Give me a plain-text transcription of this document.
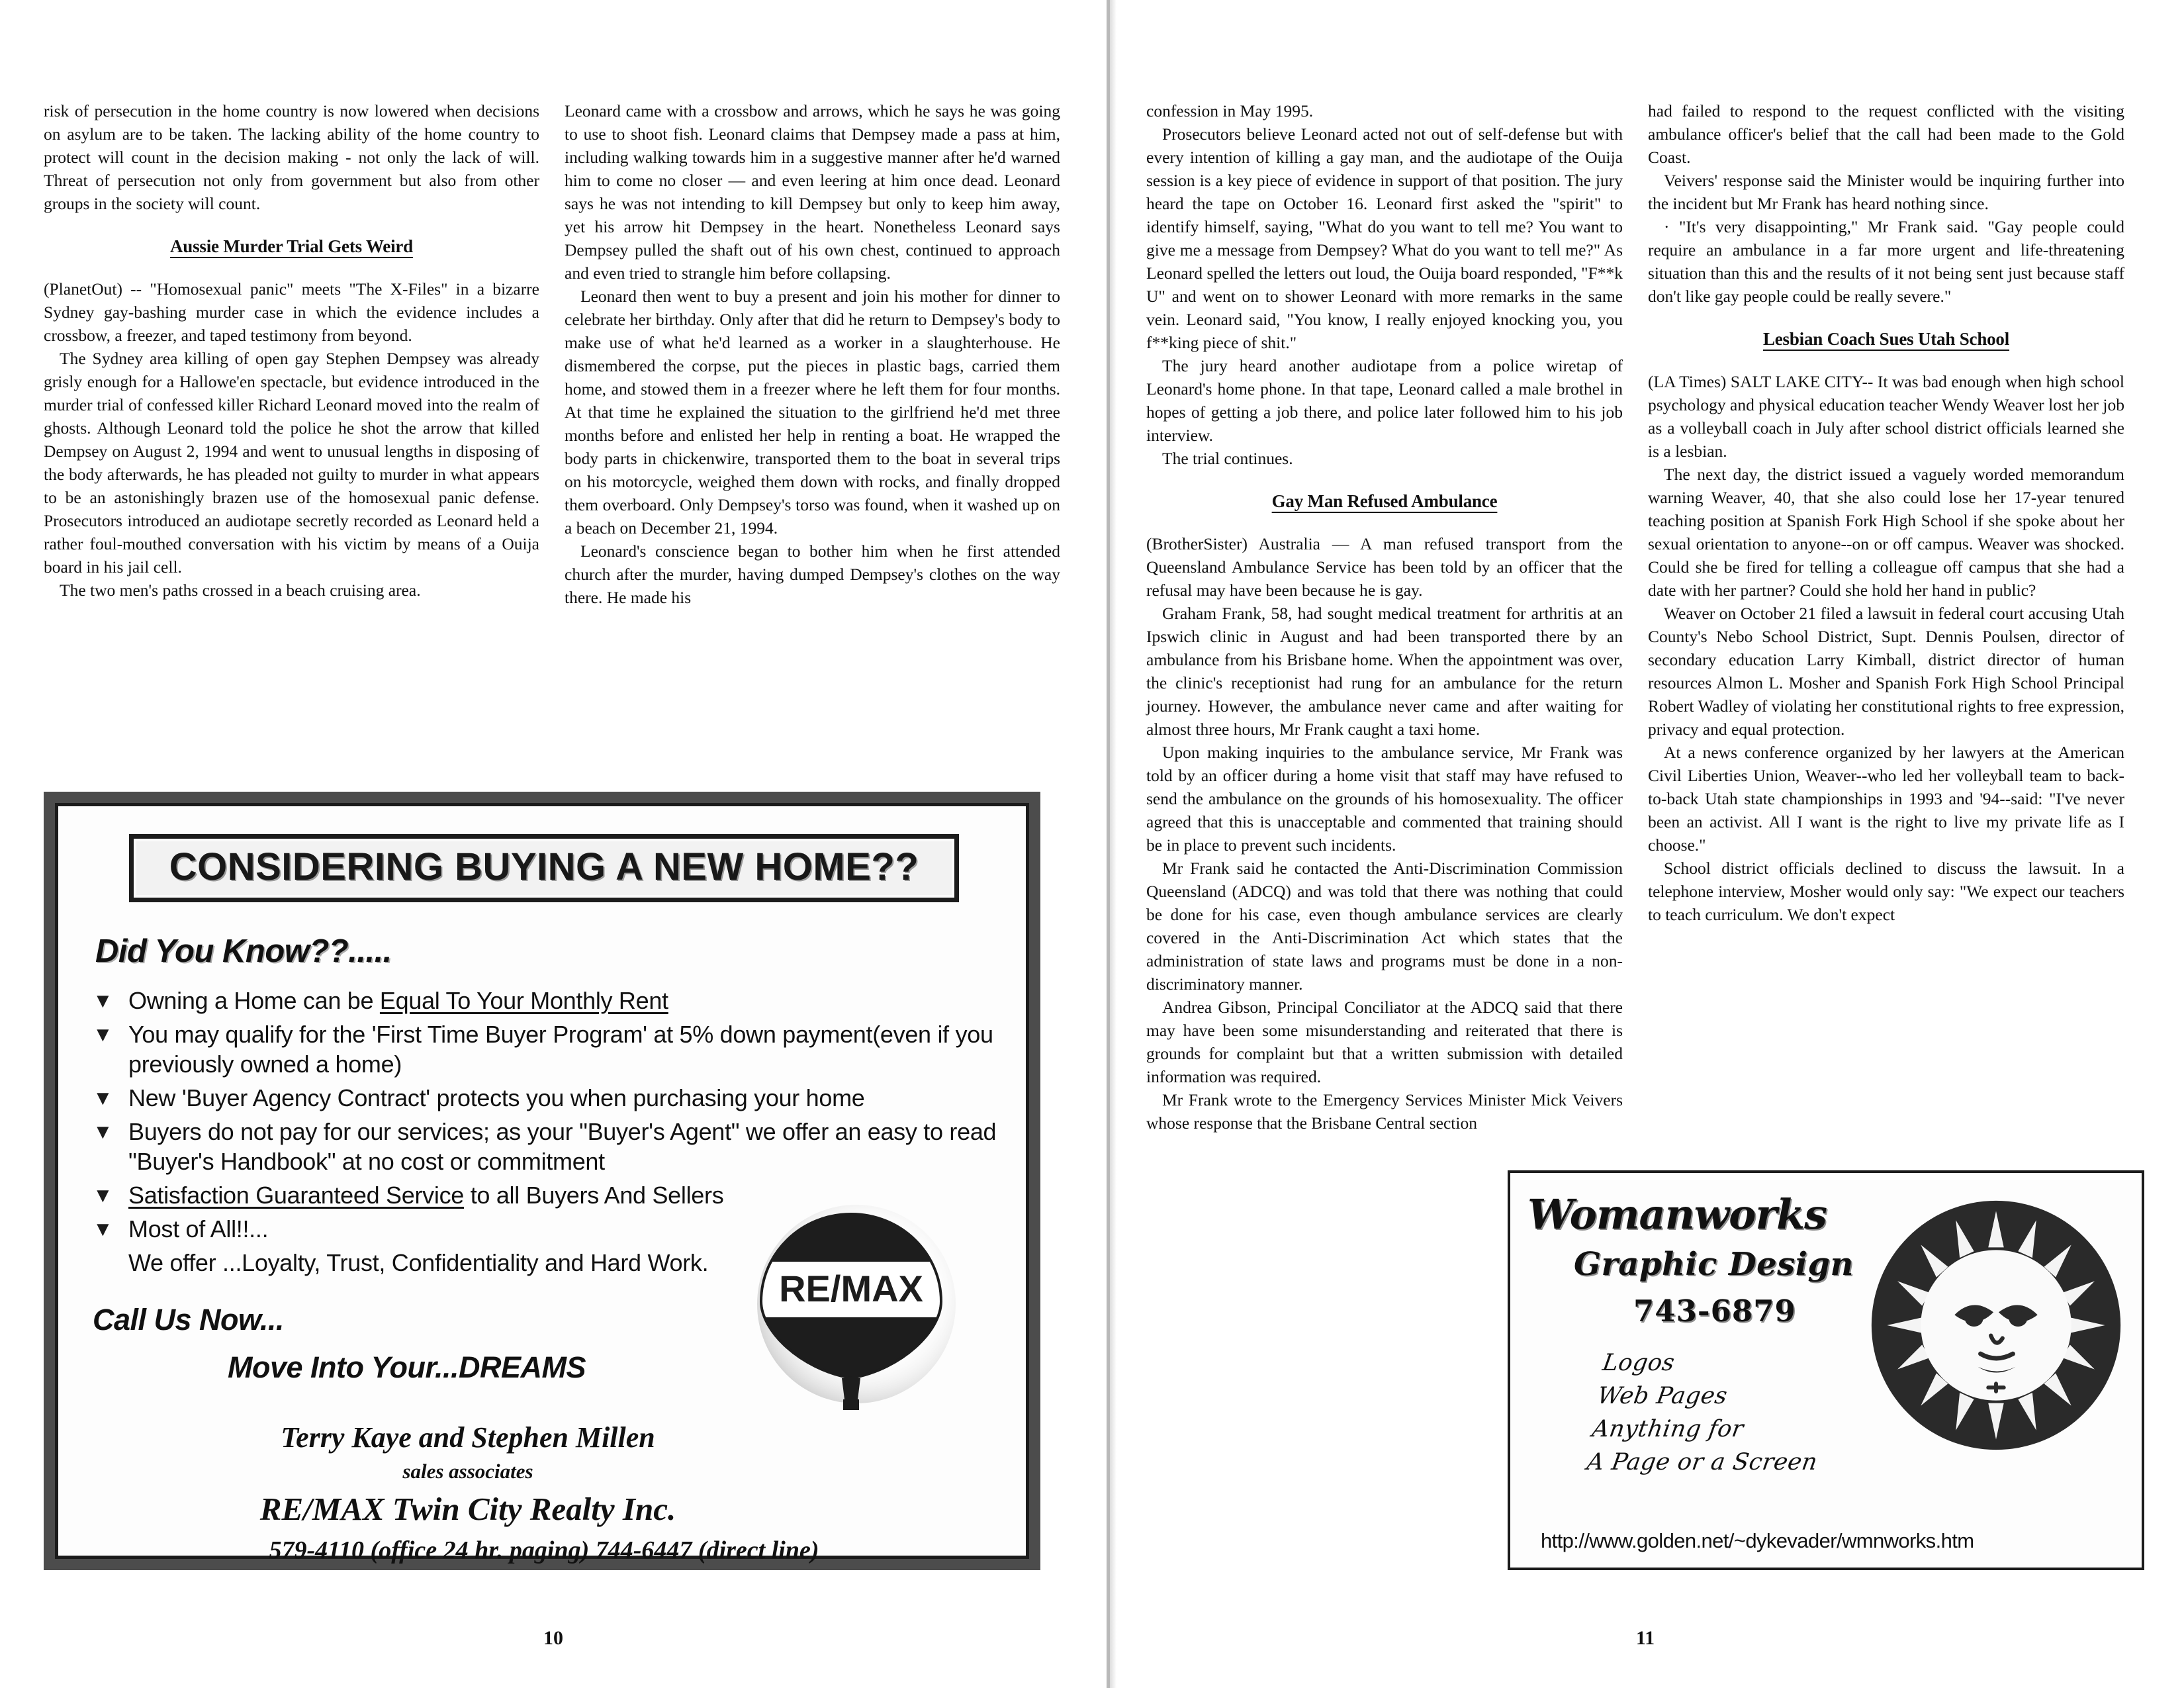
risk of persecution in the home country is now lowered when decisions on asylum are to be taken. The lacking ability of the home country to protect will count in the decision making - not only the lack of will. Threat of persecution not only from government but also from other groups in the society will count.

Aussie Murder Trial Gets Weird

(PlanetOut) -- "Homosexual panic" meets "The X-Files" in a bizarre Sydney gay-bashing murder case in which the evidence includes a crossbow, a freezer, and taped testimony from beyond.

The Sydney area killing of open gay Stephen Dempsey was already grisly enough for a Hallowe'en spectacle, but evidence introduced in the murder trial of confessed killer Richard Leonard moved into the realm of ghosts. Although Leonard told the police he shot the arrow that killed Dempsey on August 2, 1994 and went to unusual lengths in disposing of the body afterwards, he has pleaded not guilty to murder in what appears to be an astonishingly brazen use of the homosexual panic defense. Prosecutors introduced an audiotape secretly recorded as Leonard held a rather foul-mouthed conversation with his victim by means of a Ouija board in his jail cell.

The two men's paths crossed in a beach cruising area.

Leonard came with a crossbow and arrows, which he says he was going to use to shoot fish. Leonard claims that Dempsey made a pass at him, including walking towards him in a suggestive manner after he'd warned him to come no closer — and even leering at him once dead. Leonard says he was not intending to kill Dempsey but only to keep him away, yet his arrow hit Dempsey in the heart. Nonetheless Leonard says Dempsey pulled the shaft out of his own chest, continued to approach and even tried to strangle him before collapsing.

Leonard then went to buy a present and join his mother for dinner to celebrate her birthday. Only after that did he return to Dempsey's body to make use of what he'd learned as a worker in a slaughterhouse. He dismembered the corpse, put the pieces in plastic bags, carried them home, and stowed them in a freezer where he left them for four months. At that time he explained the situation to the girlfriend he'd met three months before and enlisted her help in renting a boat. He wrapped the body parts in chickenwire, transported them to the boat in several trips on his motorcycle, weighed them down with rocks, and finally dropped them overboard. Only Dempsey's torso was found, when it washed up on a beach on December 21, 1994.

Leonard's conscience began to bother him when he first attended church after the murder, having dumped Dempsey's clothes on the way there. He made his

CONSIDERING BUYING A NEW HOME??
Did You Know??.....
▼ Owning a Home can be Equal To Your Monthly Rent
▼ You may qualify for the 'First Time Buyer Program' at 5% down payment(even if you previously owned a home)
▼ New 'Buyer Agency Contract' protects you when purchasing your home
▼ Buyers do not pay for our services; as your "Buyer's Agent" we offer an easy to read "Buyer's Handbook" at no cost or commitment
▼ Satisfaction Guaranteed Service to all Buyers And Sellers
▼ Most of All!!...
We offer ...Loyalty, Trust, Confidentiality and Hard Work.
Call Us Now...
Move Into Your...DREAMS
Terry Kaye and Stephen Millen
sales associates
RE/MAX Twin City Realty Inc.
579-4110 (office 24 hr. paging) 744-6447 (direct line)
RE/MAX
10

confession in May 1995.

Prosecutors believe Leonard acted not out of self-defense but with every intention of killing a gay man, and the audiotape of the Ouija session is a key piece of evidence in support of that position. The jury heard the tape on October 16. Leonard first asked the "spirit" to identify himself, saying, "What do you want to tell me? You want to give me a message from Dempsey? What do you want to tell me?" As Leonard spelled the letters out loud, the Ouija board responded, "F**k U" and went on to shower Leonard with more remarks in the same vein. Leonard said, "You know, I really enjoyed knocking you, you f**king piece of shit."

The jury heard another audiotape from a police wiretap of Leonard's home phone. In that tape, Leonard called a male brothel in hopes of getting a job there, and police later followed him to his job interview.

The trial continues.

Gay Man Refused Ambulance

(BrotherSister) Australia — A man refused transport from the Queensland Ambulance Service has been told by an officer that the refusal may have been because he is gay.

Graham Frank, 58, had sought medical treatment for arthritis at an Ipswich clinic in August and had been transported there by an ambulance from his Brisbane home. When the appointment was over, the clinic's receptionist had rung for an ambulance for the return journey. However, the ambulance never came and after waiting for almost three hours, Mr Frank caught a taxi home.

Upon making inquiries to the ambulance service, Mr Frank was told by an officer during a home visit that staff may have refused to send the ambulance on the grounds of his homosexuality. The officer agreed that this is unacceptable and commented that training should be in place to prevent such incidents.

Mr Frank said he contacted the Anti-Discrimination Commission Queensland (ADCQ) and was told that there was nothing that could be done for his case, even though ambulance services are clearly covered in the Anti-Discrimination Act which states that the administration of state laws and programs must be done in a non-discriminatory manner.

Andrea Gibson, Principal Conciliator at the ADCQ said that there may have been some misunderstanding and reiterated that there is grounds for complaint but that a written submission with detailed information was required.

Mr Frank wrote to the Emergency Services Minister Mick Veivers whose response that the Brisbane Central section

had failed to respond to the request conflicted with the visiting ambulance officer's belief that the call had been made to the Gold Coast.

Veivers' response said the Minister would be inquiring further into the incident but Mr Frank has heard nothing since.

· "It's very disappointing," Mr Frank said. "Gay people could require an ambulance in a far more urgent and life-threatening situation than this and the results of it not being sent just because staff don't like gay people could be really severe."

Lesbian Coach Sues Utah School

(LA Times) SALT LAKE CITY-- It was bad enough when high school psychology and physical education teacher Wendy Weaver lost her job as a volleyball coach in July after school district officials learned she is a lesbian.

The next day, the district issued a vaguely worded memorandum warning Weaver, 40, that she also could lose her 17-year tenured teaching position at Spanish Fork High School if she spoke about her sexual orientation to anyone--on or off campus. Weaver was shocked. Could she be fired for telling a colleague off campus that she had a date with her partner? Could she hold her hand in public?

Weaver on October 21 filed a lawsuit in federal court accusing Utah County's Nebo School District, Supt. Dennis Poulsen, director of secondary education Larry Kimball, district director of human resources Almon L. Mosher and Spanish Fork High School Principal Robert Wadley of violating her constitutional rights to free expression, privacy and equal protection.

At a news conference organized by her lawyers at the American Civil Liberties Union, Weaver--who led her volleyball team to back-to-back Utah state championships in 1993 and '94--said: "I've never been an activist. All I want is the right to live my private life as I choose."

School district officials declined to discuss the lawsuit. In a telephone interview, Mosher would only say: "We expect our teachers to teach curriculum. We don't expect

11
Womanworks
Graphic Design
743-6879
Logos
Web Pages
Anything for
A Page or a Screen
http://www.golden.net/~dykevader/wmnworks.htm
